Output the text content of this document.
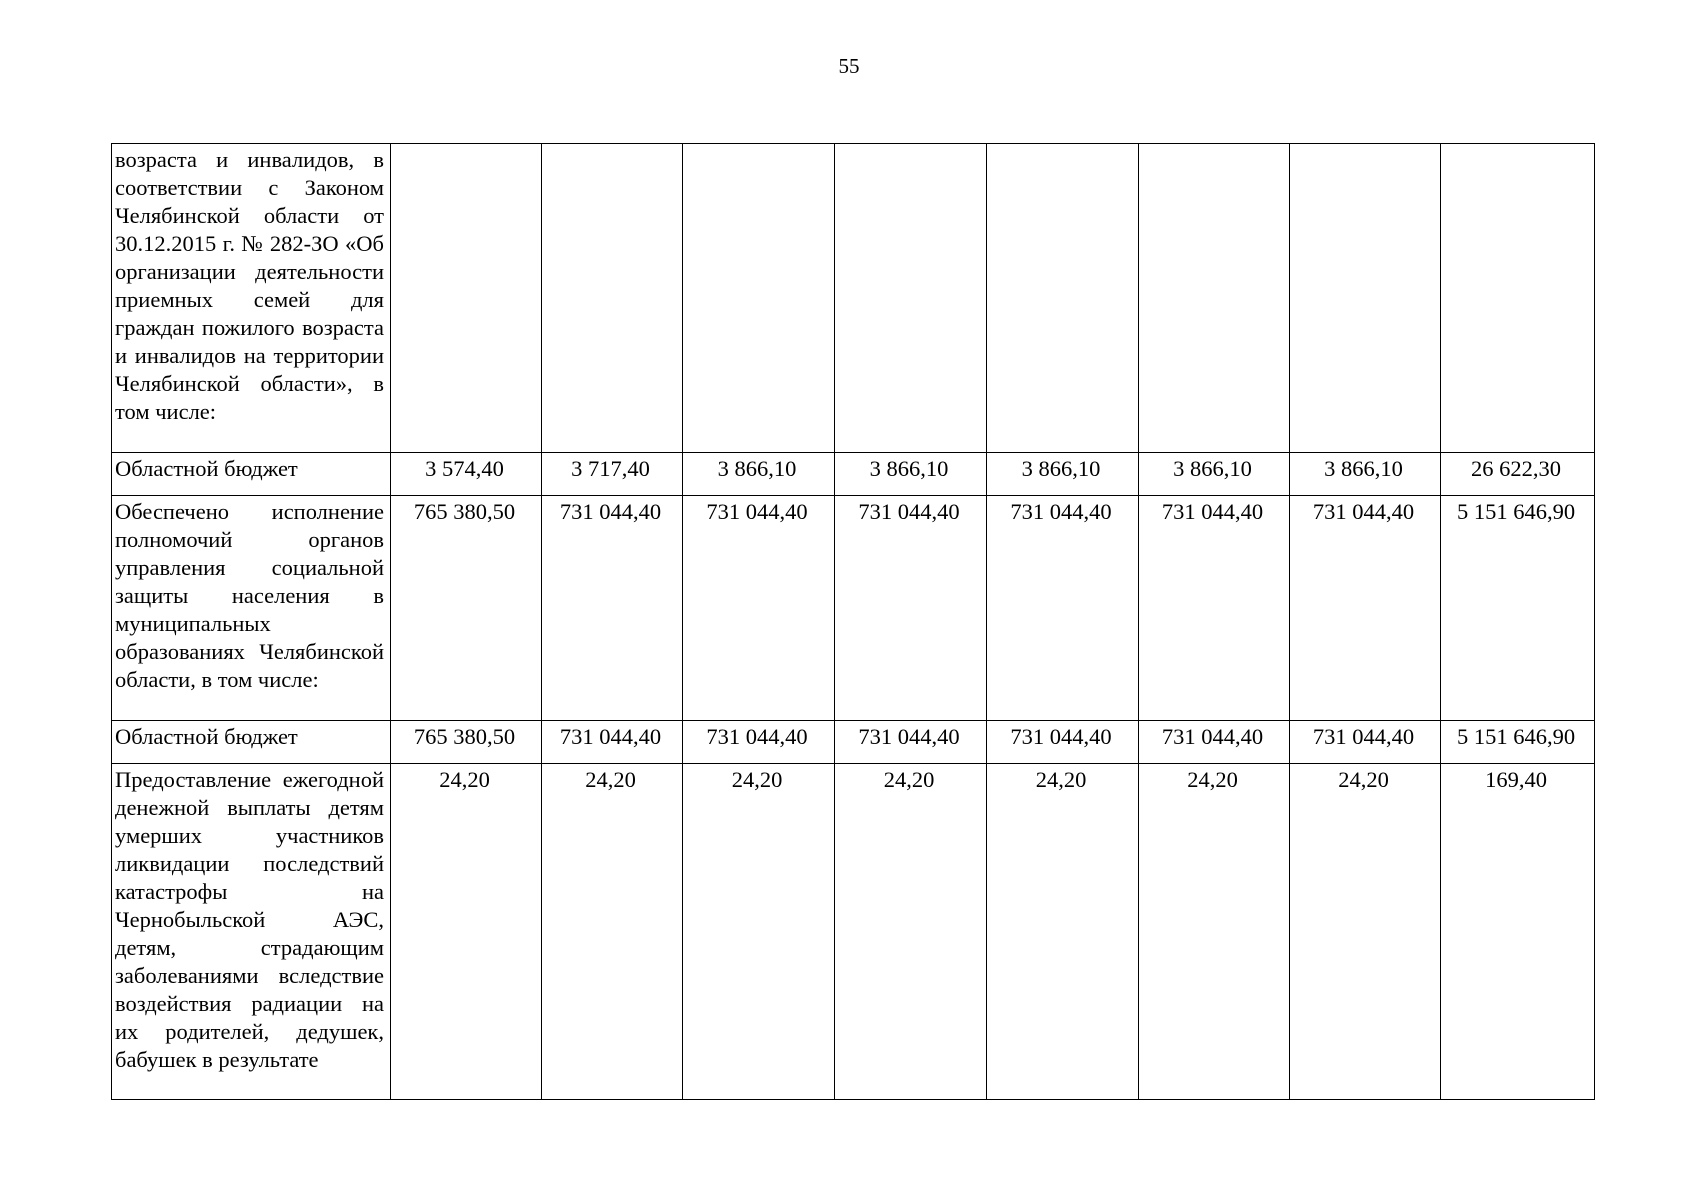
55
возраста и инвалидов, в соответствии с Законом Челябинской области от 30.12.2015 г. № 282-ЗО «Об организации деятельности приемных семей для граждан пожилого возраста и инвалидов на территории Челябинской области», в том числе:								
Областной бюджет	3 574,40	3 717,40	3 866,10	3 866,10	3 866,10	3 866,10	3 866,10	26 622,30
Обеспечено исполнение полномочий органов управления социальной защиты населения в муниципальных образованиях Челябинской области, в том числе:	765 380,50	731 044,40	731 044,40	731 044,40	731 044,40	731 044,40	731 044,40	5 151 646,90
Областной бюджет	765 380,50	731 044,40	731 044,40	731 044,40	731 044,40	731 044,40	731 044,40	5 151 646,90
Предоставление ежегодной денежной выплаты детям умерших участников ликвидации последствий катастрофы на Чернобыльской АЭС, детям, страдающим заболеваниями вследствие воздействия радиации на их родителей, дедушек, бабушек в результате	24,20	24,20	24,20	24,20	24,20	24,20	24,20	169,40
